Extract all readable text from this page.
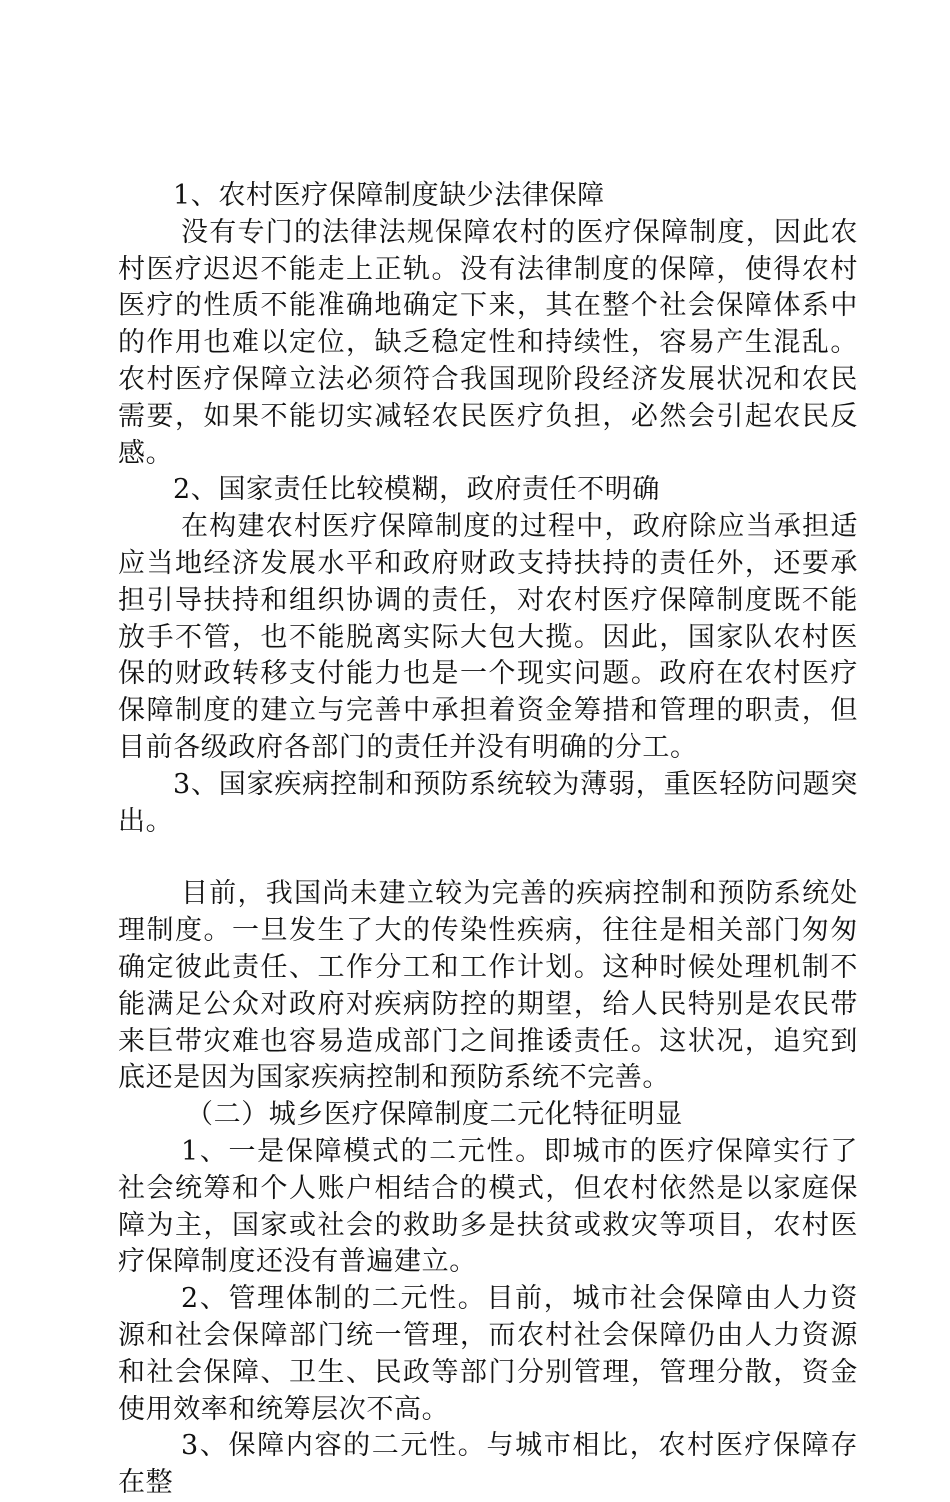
1、农村医疗保障制度缺少法律保障

没有专门的法律法规保障农村的医疗保障制度，因此农村医疗迟迟不能走上正轨。没有法律制度的保障，使得农村医疗的性质不能准确地确定下来，其在整个社会保障体系中的作用也难以定位，缺乏稳定性和持续性，容易产生混乱。农村医疗保障立法必须符合我国现阶段经济发展状况和农民需要，如果不能切实减轻农民医疗负担，必然会引起农民反感。

2、国家责任比较模糊，政府责任不明确

在构建农村医疗保障制度的过程中，政府除应当承担适应当地经济发展水平和政府财政支持扶持的责任外，还要承担引导扶持和组织协调的责任，对农村医疗保障制度既不能放手不管，也不能脱离实际大包大揽。因此，国家队农村医保的财政转移支付能力也是一个现实问题。政府在农村医疗保障制度的建立与完善中承担着资金筹措和管理的职责，但目前各级政府各部门的责任并没有明确的分工。

3、国家疾病控制和预防系统较为薄弱，重医轻防问题突出。

目前，我国尚未建立较为完善的疾病控制和预防系统处理制度。一旦发生了大的传染性疾病，往往是相关部门匆匆确定彼此责任、工作分工和工作计划。这种时候处理机制不能满足公众对政府对疾病防控的期望，给人民特别是农民带来巨带灾难也容易造成部门之间推诿责任。这状况，追究到底还是因为国家疾病控制和预防系统不完善。

（二）城乡医疗保障制度二元化特征明显

1、一是保障模式的二元性。即城市的医疗保障实行了社会统筹和个人账户相结合的模式，但农村依然是以家庭保障为主，国家或社会的救助多是扶贫或救灾等项目，农村医疗保障制度还没有普遍建立。

2、管理体制的二元性。目前，城市社会保障由人力资源和社会保障部门统一管理，而农村社会保障仍由人力资源和社会保障、卫生、民政等部门分别管理，管理分散，资金使用效率和统筹层次不高。

3、保障内容的二元性。与城市相比，农村医疗保障存在整
